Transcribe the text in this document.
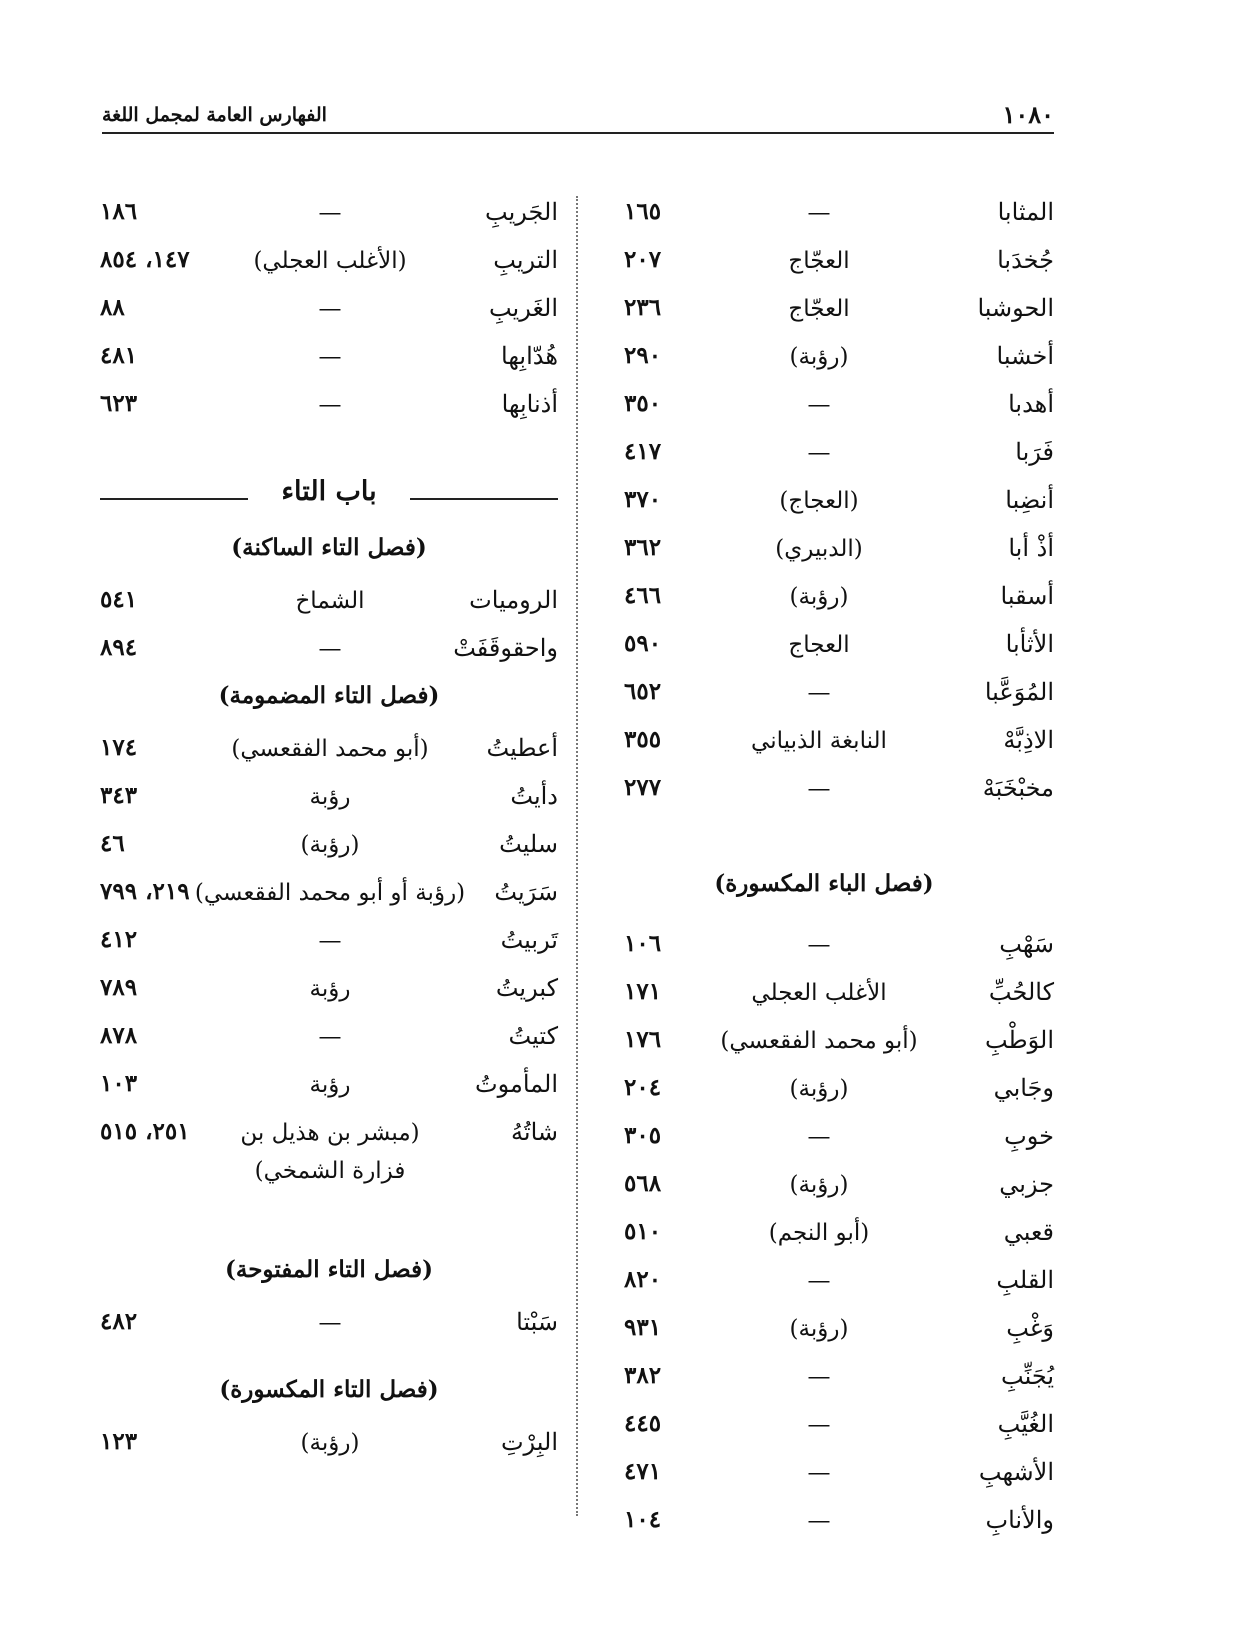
١٠٨٠
الفهارس العامة لمجمل اللغة
المثابا
—
١٦٥
جُخدَبا
العجّاج
٢٠٧
الحوشبا
العجّاج
٢٣٦
أخشبا
(رؤبة)
٢٩٠
أهدبا
—
٣٥٠
فَرَبا
—
٤١٧
أنضِبا
(العجاج)
٣٧٠
أذْ أبا
(الدبيري)
٣٦٢
أسقبا
(رؤبة)
٤٦٦
الأثأبا
العجاج
٥٩٠
المُوَعَّبا
—
٦٥٢
الاذِبَّهْ
النابغة الذبياني
٣٥٥
مخبْخَبَهْ
—
٢٧٧
(فصل الباء المكسورة)
سَهْبِ
—
١٠٦
كالحُبِّ
الأغلب العجلي
١٧١
الوَطْبِ
(أبو محمد الفقعسي)
١٧٦
وجَابي
(رؤبة)
٢٠٤
خوبِ
—
٣٠٥
جزبي
(رؤبة)
٥٦٨
قعبي
(أبو النجم)
٥١٠
القلبِ
—
٨٢٠
وَغْبِ
(رؤبة)
٩٣١
يُجَنِّبِ
—
٣٨٢
الغُيَّبِ
—
٤٤٥
الأشهبِ
—
٤٧١
والأنابِ
—
١٠٤
الجَريبِ
—
١٨٦
التريبِ
(الأغلب العجلي)
١٤٧، ٨٥٤
الغَريبِ
—
٨٨
هُدّابِها
—
٤٨١
أذنابِها
—
٦٢٣
باب التاء
(فصل التاء الساكنة)
الروميات
الشماخ
٥٤١
واحقوقَفَتْ
—
٨٩٤
(فصل التاء المضمومة)
أعطيتُ
(أبو محمد الفقعسي)
١٧٤
دأيتُ
رؤبة
٣٤٣
سليتُ
(رؤبة)
٤٦
سَرَيتُ
(رؤبة أو أبو محمد الفقعسي)
٢١٩، ٧٩٩
تَربيتُ
—
٤١٢
كبريتُ
رؤبة
٧٨٩
كتيتُ
—
٨٧٨
المأموتُ
رؤبة
١٠٣
شاتُهُ
(مبشر بن هذيل بن
٢٥١، ٥١٥
فزارة الشمخي)
(فصل التاء المفتوحة)
سَبْتا
—
٤٨٢
(فصل التاء المكسورة)
البِرْتِ
(رؤبة)
١٢٣
